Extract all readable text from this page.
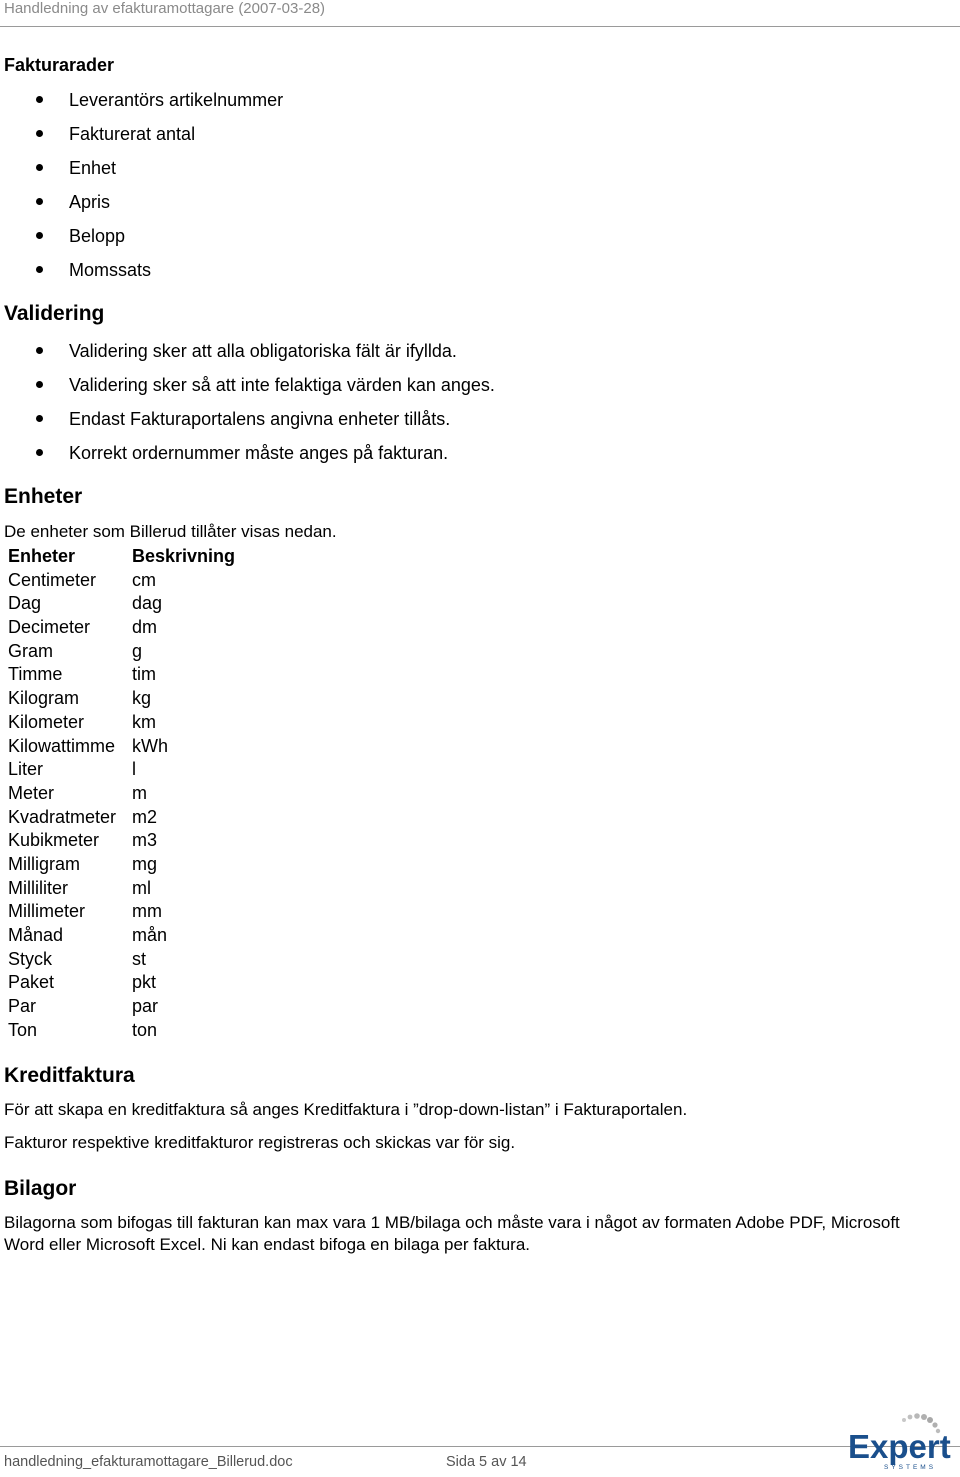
Handledning av efakturamottagare (2007-03-28)
Fakturarader
Leverantörs artikelnummer
Fakturerat antal
Enhet
Apris
Belopp
Momssats
Validering
Validering sker att alla obligatoriska fält är ifyllda.
Validering sker så att inte felaktiga värden kan anges.
Endast Fakturaportalens angivna enheter tillåts.
Korrekt ordernummer måste anges på fakturan.
Enheter
De enheter som Billerud tillåter visas nedan.
Enheter	Beskrivning
Centimeter	cm
Dag	dag
Decimeter	dm
Gram	g
Timme	tim
Kilogram	kg
Kilometer	km
Kilowattimme	kWh
Liter	l
Meter	m
Kvadratmeter	m2
Kubikmeter	m3
Milligram	mg
Milliliter	ml
Millimeter	mm
Månad	mån
Styck	st
Paket	pkt
Par	par
Ton	ton
Kreditfaktura
För att skapa en kreditfaktura så anges Kreditfaktura i ”drop-down-listan” i Fakturaportalen.
Fakturor respektive kreditfakturor registreras och skickas var för sig.
Bilagor
Bilagorna som bifogas till fakturan kan max vara 1 MB/bilaga och måste vara i något av formaten Adobe PDF, Microsoft Word eller Microsoft Excel. Ni kan endast bifoga en bilaga per faktura.
handledning_efakturamottagare_Billerud.doc	Sida 5 av 14	Expert
SYSTEMS
